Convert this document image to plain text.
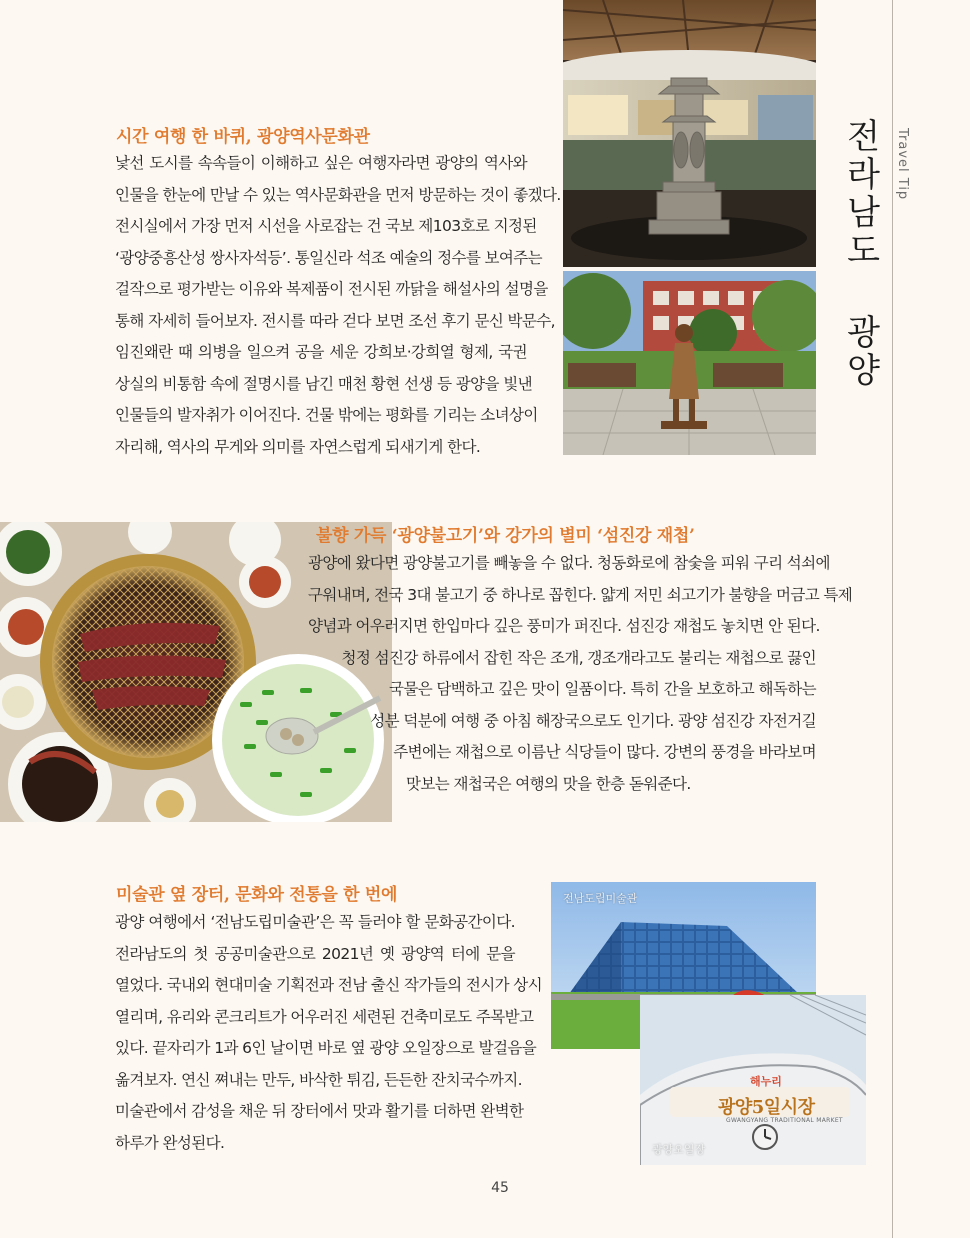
Travel Tip
전라남도 광양
시간 여행 한 바퀴, 광양역사문화관
낯선 도시를 속속들이 이해하고 싶은 여행자라면 광양의 역사와
인물을 한눈에 만날 수 있는 역사문화관을 먼저 방문하는 것이 좋겠다.
전시실에서 가장 먼저 시선을 사로잡는 건 국보 제103호로 지정된
‘광양중흥산성 쌍사자석등’. 통일신라 석조 예술의 정수를 보여주는
걸작으로 평가받는 이유와 복제품이 전시된 까닭을 해설사의 설명을
통해 자세히 들어보자. 전시를 따라 걷다 보면 조선 후기 문신 박문수,
임진왜란 때 의병을 일으켜 공을 세운 강희보·강희열 형제, 국권
상실의 비통함 속에 절명시를 남긴 매천 황현 선생 등 광양을 빛낸
인물들의 발자취가 이어진다. 건물 밖에는 평화를 기리는 소녀상이
자리해, 역사의 무게와 의미를 자연스럽게 되새기게 한다.
불향 가득 ‘광양불고기’와 강가의 별미 ‘섬진강 재첩’
광양에 왔다면 광양불고기를 빼놓을 수 없다. 청동화로에 참숯을 피워 구리 석쇠에
구워내며, 전국 3대 불고기 중 하나로 꼽힌다. 얇게 저민 쇠고기가 불향을 머금고 특제
양념과 어우러지면 한입마다 깊은 풍미가 퍼진다. 섬진강 재첩도 놓치면 안 된다.
청정 섬진강 하류에서 잡힌 작은 조개, 갱조개라고도 불리는 재첩으로 끓인
국물은 담백하고 깊은 맛이 일품이다. 특히 간을 보호하고 해독하는
성분 덕분에 여행 중 아침 해장국으로도 인기다. 광양 섬진강 자전거길
주변에는 재첩으로 이름난 식당들이 많다. 강변의 풍경을 바라보며
맛보는 재첩국은 여행의 맛을 한층 돋워준다.
미술관 옆 장터, 문화와 전통을 한 번에
광양 여행에서 ‘전남도립미술관’은 꼭 들러야 할 문화공간이다.
전라남도의 첫 공공미술관으로 2021년 옛 광양역 터에 문을
열었다. 국내외 현대미술 기획전과 전남 출신 작가들의 전시가 상시
열리며, 유리와 콘크리트가 어우러진 세련된 건축미로도 주목받고
있다. 끝자리가 1과 6인 날이면 바로 옆 광양 오일장으로 발걸음을
옮겨보자. 연신 쪄내는 만두, 바삭한 튀김, 든든한 잔치국수까지.
미술관에서 감성을 채운 뒤 장터에서 맛과 활기를 더하면 완벽한
하루가 완성된다.
전남도립미술관
해누리
광양5일시장
GWANGYANG TRADITIONAL MARKET
광양오일장
45
